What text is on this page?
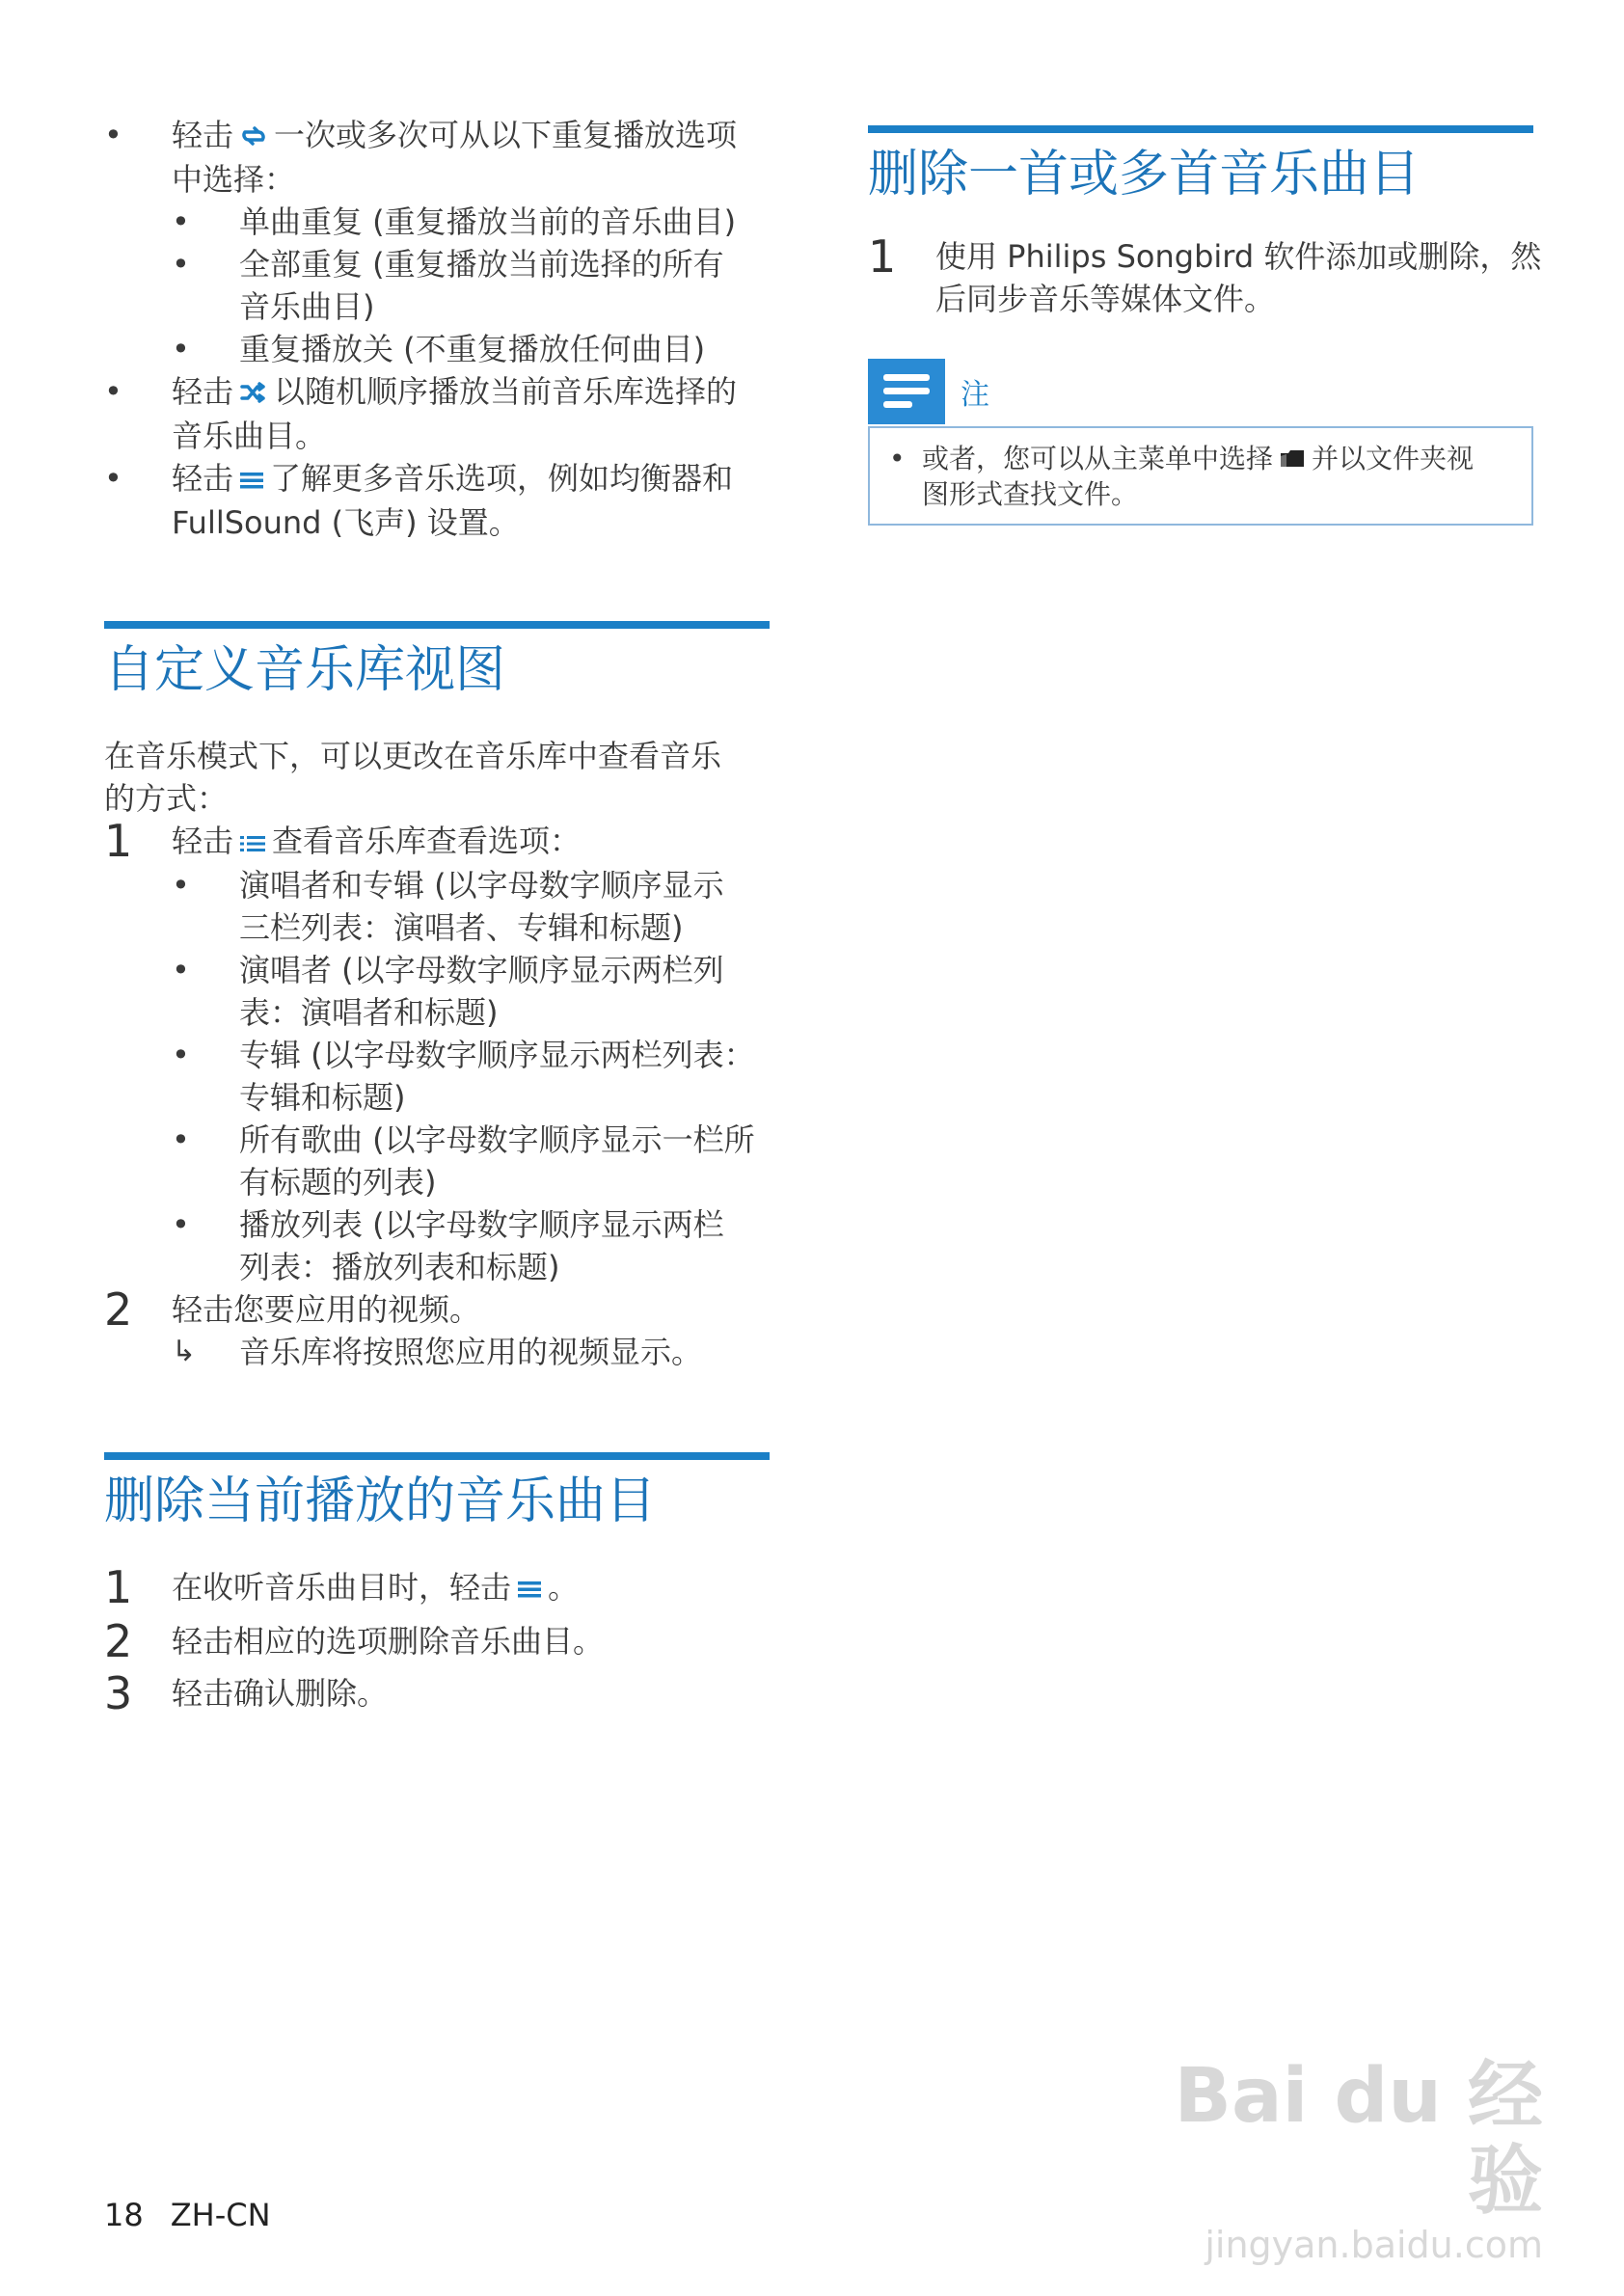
• 轻击 一次或多次可从以下重复播放选项
中选择：
• 单曲重复 (重复播放当前的音乐曲目)
• 全部重复 (重复播放当前选择的所有
音乐曲目)
• 重复播放关 (不重复播放任何曲目)
• 轻击 以随机顺序播放当前音乐库选择的
音乐曲目。
• 轻击 了解更多音乐选项，例如均衡器和
FullSound (飞声) 设置。
自定义音乐库视图
在音乐模式下，可以更改在音乐库中查看音乐
的方式：
1 轻击 查看音乐库查看选项：
• 演唱者和专辑 (以字母数字顺序显示
三栏列表：演唱者、专辑和标题)
• 演唱者 (以字母数字顺序显示两栏列
表：演唱者和标题)
• 专辑 (以字母数字顺序显示两栏列表：
专辑和标题)
• 所有歌曲 (以字母数字顺序显示一栏所
有标题的列表)
• 播放列表 (以字母数字顺序显示两栏
列表：播放列表和标题)
2 轻击您要应用的视频。
↳ 音乐库将按照您应用的视频显示。
删除当前播放的音乐曲目
1 在收听音乐曲目时，轻击 。
2 轻击相应的选项删除音乐曲目。
3 轻击确认删除。
删除一首或多首音乐曲目
1 使用 Philips Songbird 软件添加或删除，然
后同步音乐等媒体文件。
注
• 或者，您可以从主菜单中选择 并以文件夹视
图形式查找文件。
18 ZH-CN
Bai du 经验
jingyan.baidu.com
